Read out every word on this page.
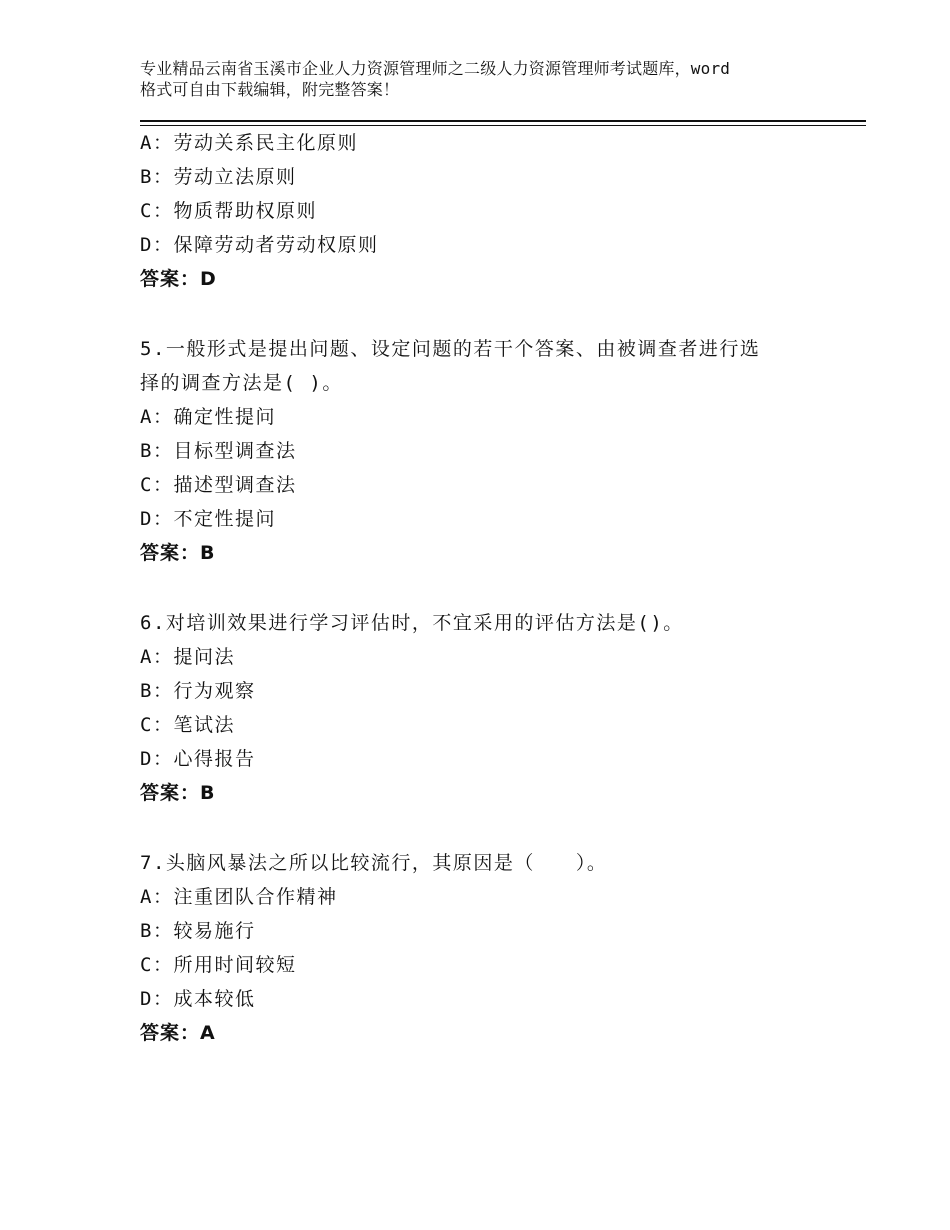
专业精品云南省玉溪市企业人力资源管理师之二级人力资源管理师考试题库，word
格式可自由下载编辑，附完整答案！
A：劳动关系民主化原则
B：劳动立法原则
C：物质帮助权原则
D：保障劳动者劳动权原则
答案：D
5.一般形式是提出问题、设定问题的若干个答案、由被调查者进行选
择的调查方法是( )。
A：确定性提问
B：目标型调查法
C：描述型调查法
D：不定性提问
答案：B
6.对培训效果进行学习评估时，不宜采用的评估方法是()。
A：提问法
B：行为观察
C：笔试法
D：心得报告
答案：B
7.头脑风暴法之所以比较流行，其原因是（　　）。
A：注重团队合作精神
B：较易施行
C：所用时间较短
D：成本较低
答案：A
